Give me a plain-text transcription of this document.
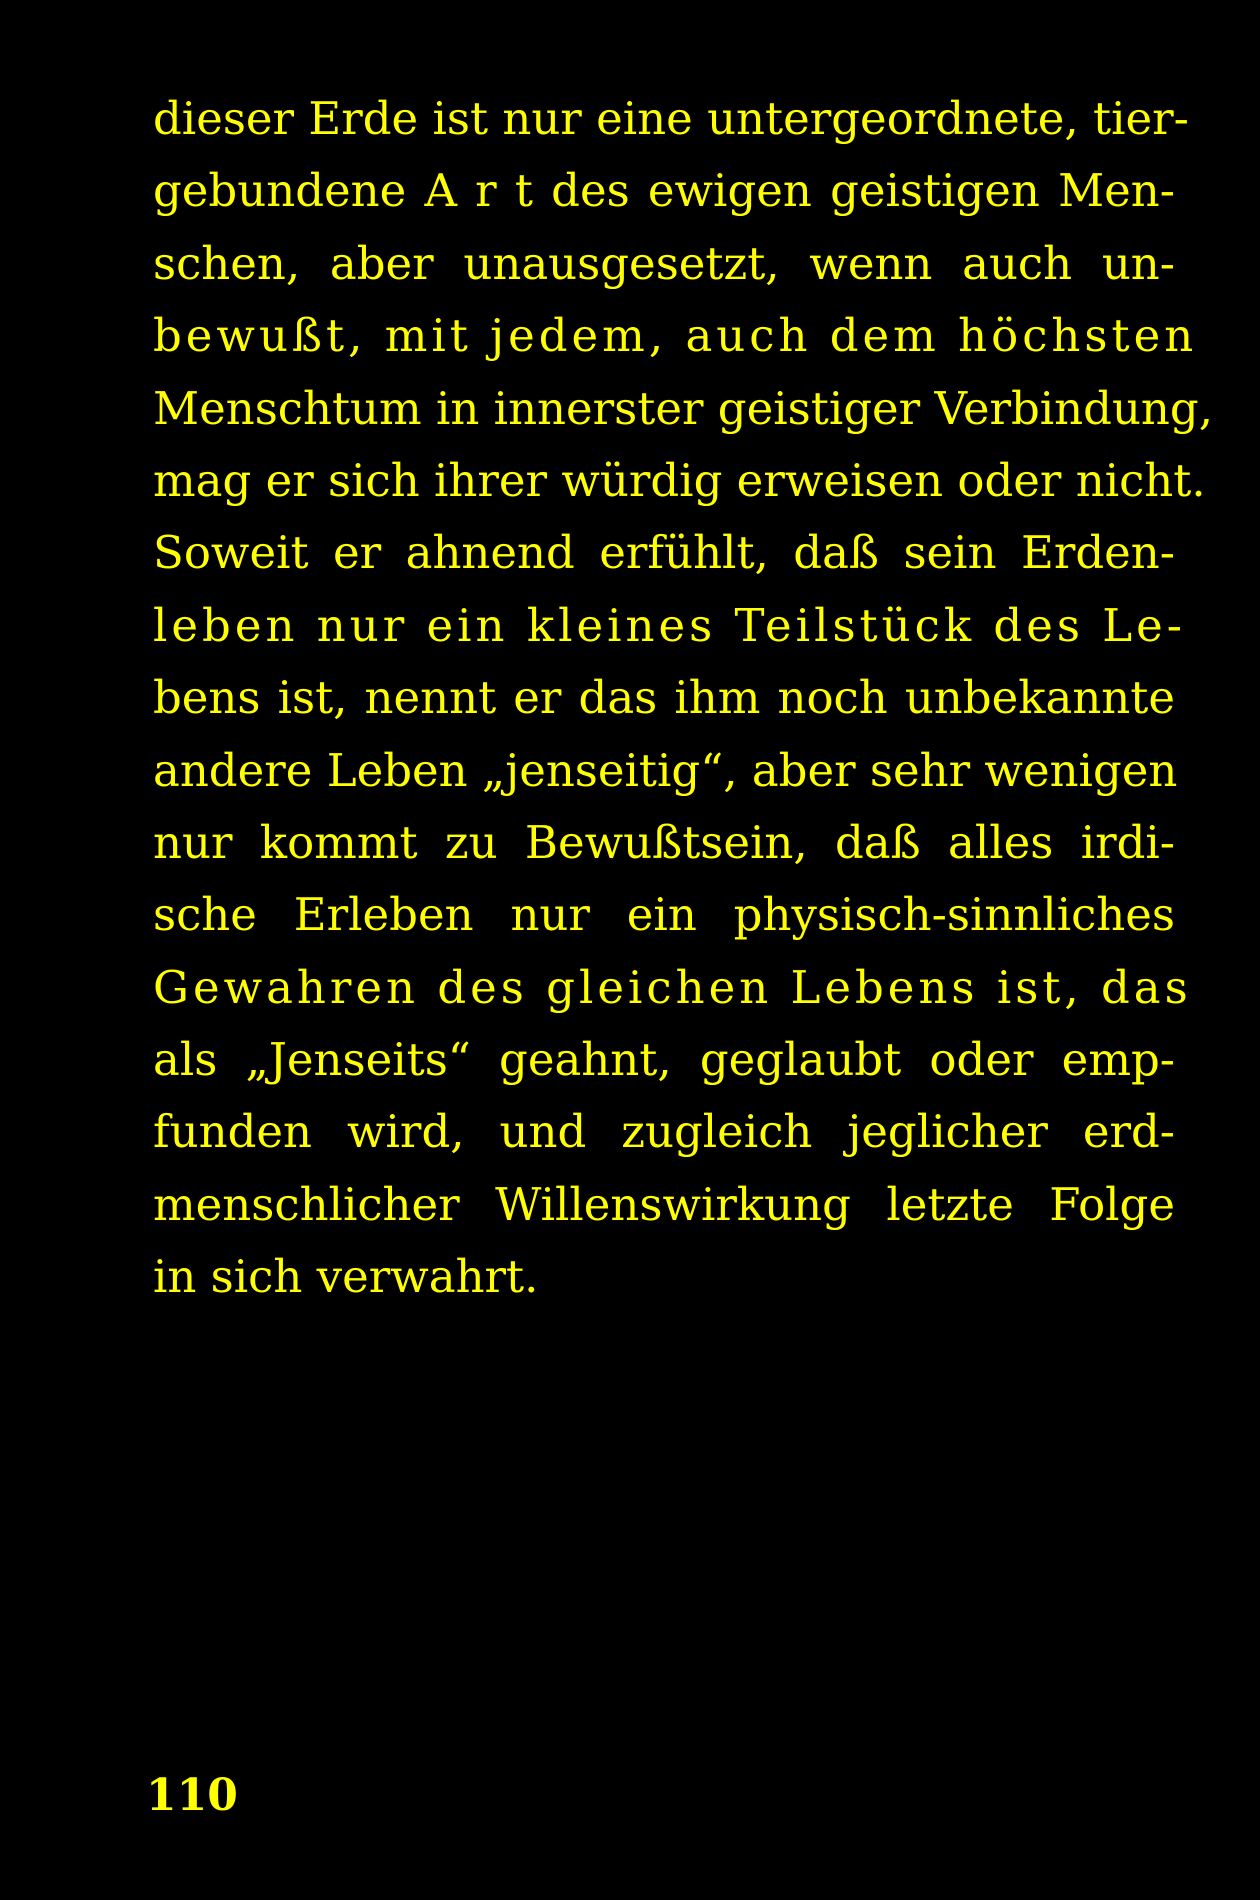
dieser Erde ist nur eine untergeordnete, tier-
gebundene A r t des ewigen geistigen Men-
schen, aber unausgesetzt, wenn auch un-
bewußt, mit jedem, auch dem höchsten
Menschtum in innerster geistiger Verbindung,
mag er sich ihrer würdig erweisen oder nicht.
Soweit er ahnend erfühlt, daß sein Erden-
leben nur ein kleines Teilstück des Le-
bens ist, nennt er das ihm noch unbekannte
andere Leben „jenseitig“, aber sehr wenigen
nur kommt zu Bewußtsein, daß alles irdi-
sche Erleben nur ein physisch-sinnliches
Gewahren des gleichen Lebens ist, das
als „Jenseits“ geahnt, geglaubt oder emp-
funden wird, und zugleich jeglicher erd-
menschlicher Willenswirkung letzte Folge
in sich verwahrt.
110
